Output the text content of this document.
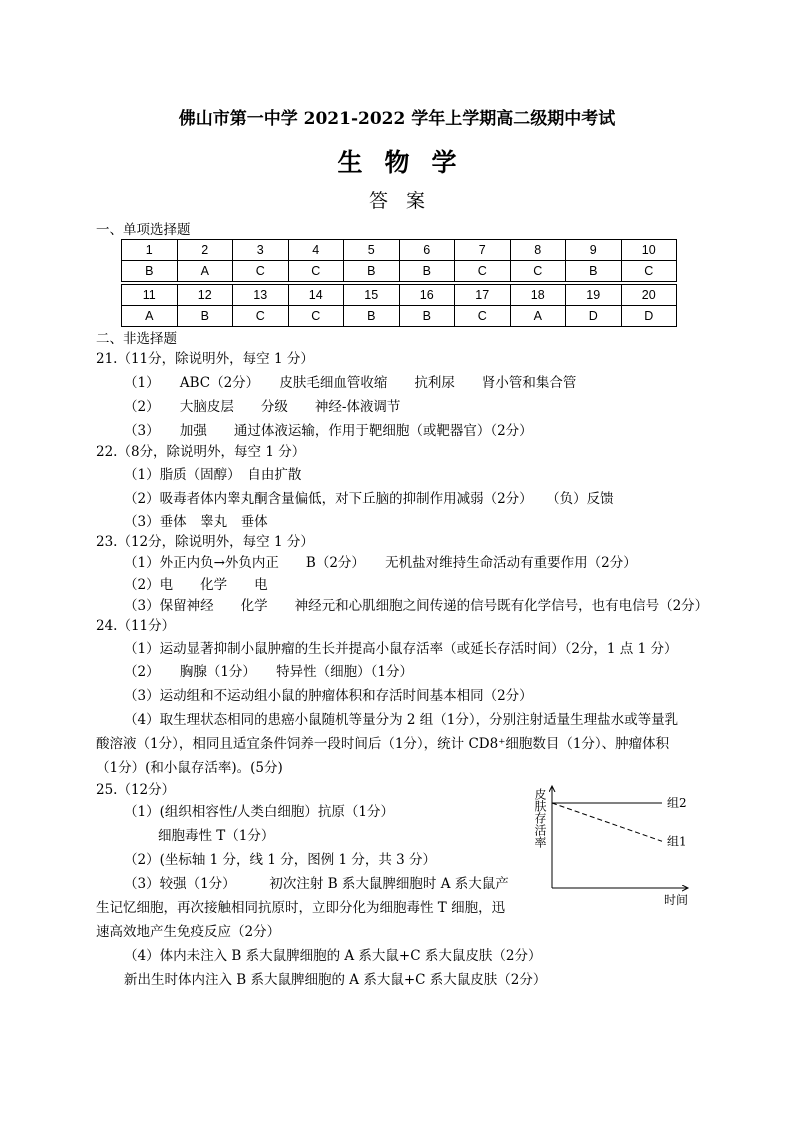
佛山市第一中学 2021-2022 学年上学期高二级期中考试
生物学
答案
一、单项选择题
1	2	3	4	5	6	7	8	9	10
B	A	C	C	B	B	C	C	B	C

11	12	13	14	15	16	17	18	19	20
A	B	C	C	B	B	C	A	D	D
二、非选择题
21.（11分，除说明外，每空 1 分）
（1）　　ABC（2分）　　皮肤毛细血管收缩　　抗利尿　　肾小管和集合管
（2）　　大脑皮层　　分级　　神经-体液调节
（3）　　加强　　通过体液运输，作用于靶细胞（或靶器官）（2分）
22.（8分，除说明外，每空 1 分）
（1）脂质（固醇）　自由扩散
（2）吸毒者体内睾丸酮含量偏低，对下丘脑的抑制作用减弱（2分）　　（负）反馈
（3）垂体　睾丸　垂体
23.（12分，除说明外，每空 1 分）
（1）外正内负→外负内正　　B（2分）　　无机盐对维持生命活动有重要作用（2分）
（2）电　　化学　　电
（3）保留神经　　化学　　神经元和心肌细胞之间传递的信号既有化学信号，也有电信号（2分）
24.（11分）
（1）运动显著抑制小鼠肿瘤的生长并提高小鼠存活率（或延长存活时间）（2分，1 点 1 分）
（2）　　胸腺（1分）　　特异性（细胞）（1分）
（3）运动组和不运动组小鼠的肿瘤体积和存活时间基本相同（2分）
（4）取生理状态相同的患癌小鼠随机等量分为 2 组（1分），分别注射适量生理盐水或等量乳
酸溶液（1分），相同且适宜条件饲养一段时间后（1分），统计 CD8⁺细胞数目（1分）、肿瘤体积
（1分）(和小鼠存活率)。(5分)
25.（12分）
（1）(组织相容性/人类白细胞）抗原（1分）
细胞毒性 T（1分）
（2）(坐标轴 1 分，线 1 分，图例 1 分，共 3 分）
（3）较强（1分）　　　初次注射 B 系大鼠脾细胞时 A 系大鼠产
生记忆细胞，再次接触相同抗原时，立即分化为细胞毒性 T 细胞，迅
速高效地产生免疫反应（2分）
（4）体内未注入 B 系大鼠脾细胞的 A 系大鼠+C 系大鼠皮肤（2分）
新出生时体内注入 B 系大鼠脾细胞的 A 系大鼠+C 系大鼠皮肤（2分）
皮肤存活率
时间
组2
组1
